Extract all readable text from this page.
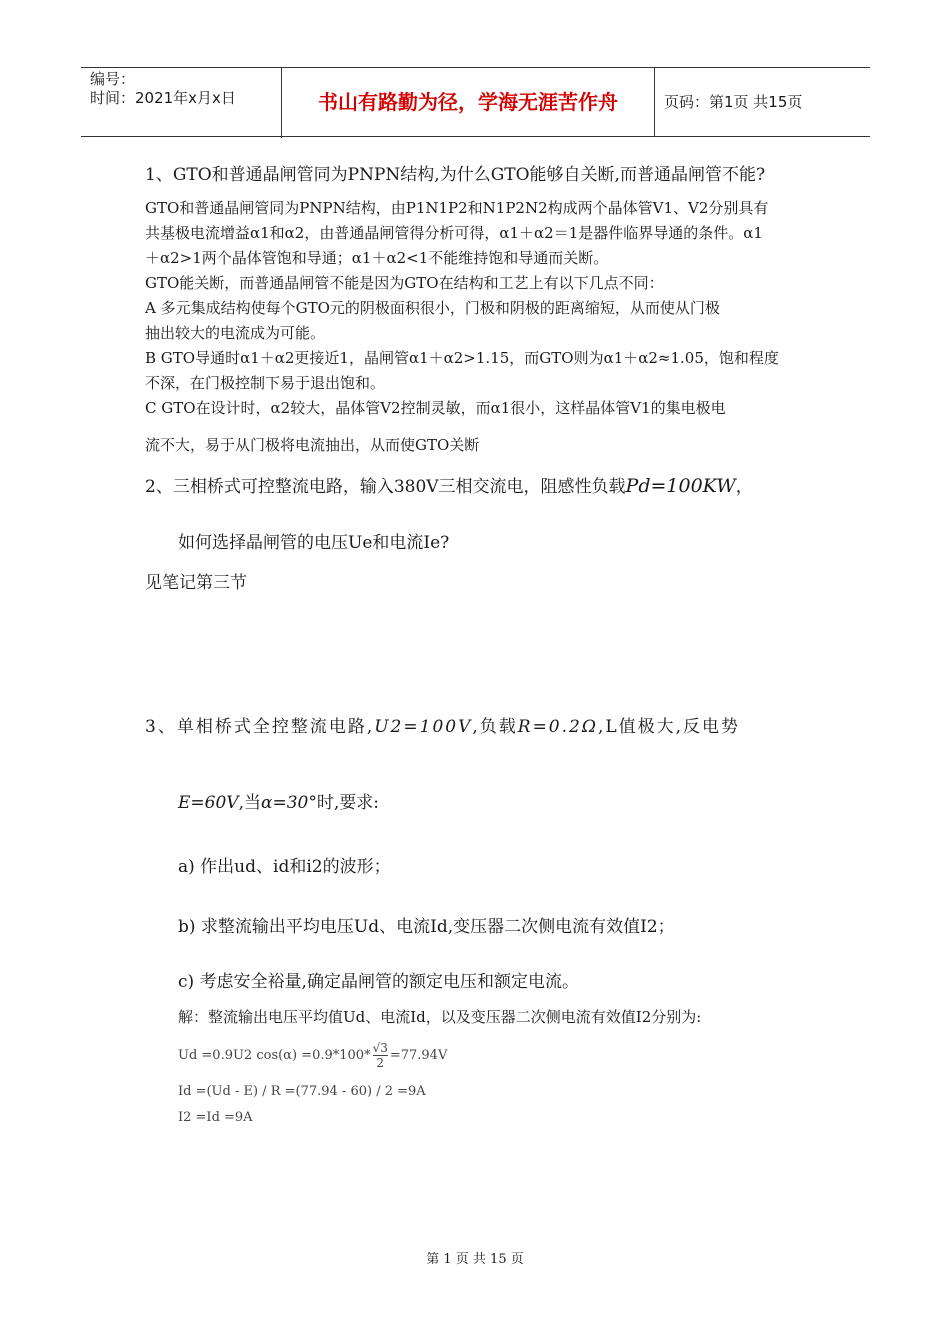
编号：
时间：2021年x月x日	书山有路勤为径，学海无涯苦作舟	页码：第1页 共15页
1、GTO和普通晶闸管同为PNPN结构,为什么GTO能够自关断,而普通晶闸管不能?
GTO和普通晶闸管同为PNPN结构，由P1N1P2和N1P2N2构成两个晶体管V1、V2分别具有
共基极电流增益α1和α2，由普通晶闸管得分析可得，α1＋α2＝1是器件临界导通的条件。α1
＋α2>1两个晶体管饱和导通；α1＋α2<1不能维持饱和导通而关断。
GTO能关断，而普通晶闸管不能是因为GTO在结构和工艺上有以下几点不同：
A 多元集成结构使每个GTO元的阴极面积很小，门极和阴极的距离缩短，从而使从门极
抽出较大的电流成为可能。
B GTO导通时α1＋α2更接近1，晶闸管α1＋α2>1.15，而GTO则为α1＋α2≈1.05，饱和程度
不深，在门极控制下易于退出饱和。
C GTO在设计时，α2较大，晶体管V2控制灵敏，而α1很小，这样晶体管V1的集电极电
流不大，易于从门极将电流抽出，从而使GTO关断
2、三相桥式可控整流电路，输入380V三相交流电，阻感性负载Pd=100KW，
如何选择晶闸管的电压Ue和电流Ie?
见笔记第三节
3、单相桥式全控整流电路,U2=100V,负载R=0.2Ω,L值极大,反电势
E=60V,当α=30°时,要求:
a) 作出ud、id和i2的波形；
b) 求整流输出平均电压Ud、电流Id,变压器二次侧电流有效值I2；
c) 考虑安全裕量,确定晶闸管的额定电压和额定电流。
解：整流输出电压平均值Ud、电流Id，以及变压器二次侧电流有效值I2分别为:
Ud =0.9U2 $\cos(\alpha) =0.9*100* \frac{√3}{2} =77.94V$
Id =(Ud - E) / R =(77.94 - 60) / 2 =9A
I2 =Id =9A
第 1 页 共 15 页
